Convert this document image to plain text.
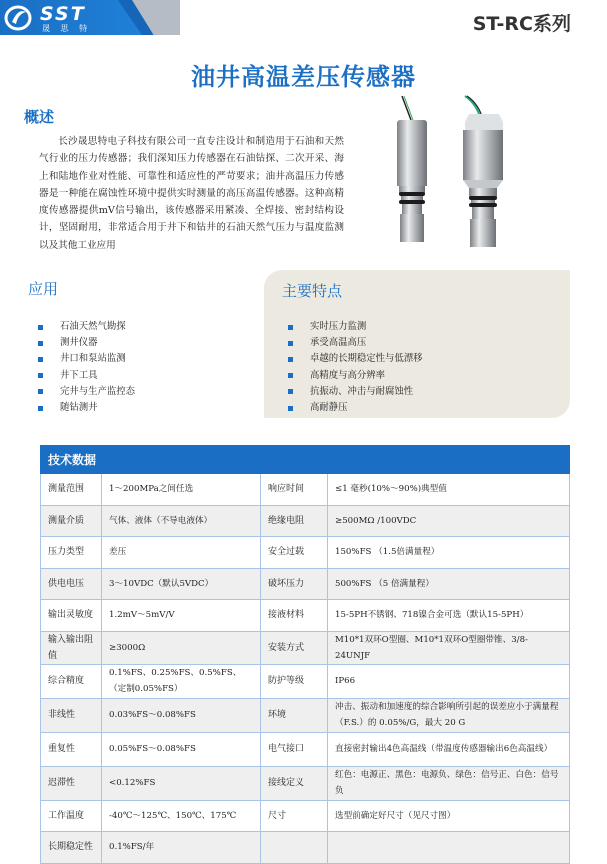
SST
晟 思 特	ST-RC系列
油井高温差压传感器
概述

长沙晟思特电子科技有限公司一直专注设计和制造用于石油和天然气行业的压力传感器；我们深知压力传感器在石油钻探、二次开采、海上和陆地作业对性能、可靠性和适应性的严苛要求；油井高温压力传感器是一种能在腐蚀性环境中提供实时测量的高压高温传感器。这种高精度传感器提供mV信号输出，该传感器采用紧凑、全焊接、密封结构设计，坚固耐用，非常适合用于井下和钻井的石油天然气压力与温度监测以及其他工业应用

应用
石油天然气勘探
测井仪器
井口和泵站监测
井下工具
完井与生产监控态
随钻测井
主要特点
实时压力监测
承受高温高压
卓越的长期稳定性与低漂移
高精度与高分辨率
抗振动、冲击与耐腐蚀性
高耐静压
技术数据			
测量范围	1～200MPa之间任选	响应时间	≤1 毫秒(10%～90%)典型值
测量介质	气体、液体（不导电液体）	绝缘电阻	≥500MΩ /100VDC
压力类型	差压	安全过载	150%FS （1.5倍满量程）
供电电压	3～10VDC（默认5VDC）	破坏压力	500%FS （5 倍满量程）
输出灵敏度	1.2mV～5mV/V	接液材料	15-5PH不锈钢、718镍合金可选（默认15-5PH）
输入输出阻值	≥3000Ω	安装方式	M10*1双环O型圈、M10*1双环O型圈带锥、3/8-24UNJF
综合精度	0.1%FS、0.25%FS、0.5%FS、（定制0.05%FS）	防护等级	IP66
非线性	0.03%FS～0.08%FS	环境	冲击、振动和加速度的综合影响所引起的误差应小于满量程（F.S.）的 0.05%/G，最大 20 G
重复性	0.05%FS～0.08%FS	电气接口	直接密封输出4色高温线（带温度传感器输出6色高温线）
迟滞性	<0.12%FS	接线定义	红色：电源正、黑色：电源负、绿色：信号正、白色：信号负
工作温度	-40℃～125℃、150℃、175℃	尺寸	选型前确定好尺寸（见尺寸图）
长期稳定性	0.1%FS/年		
